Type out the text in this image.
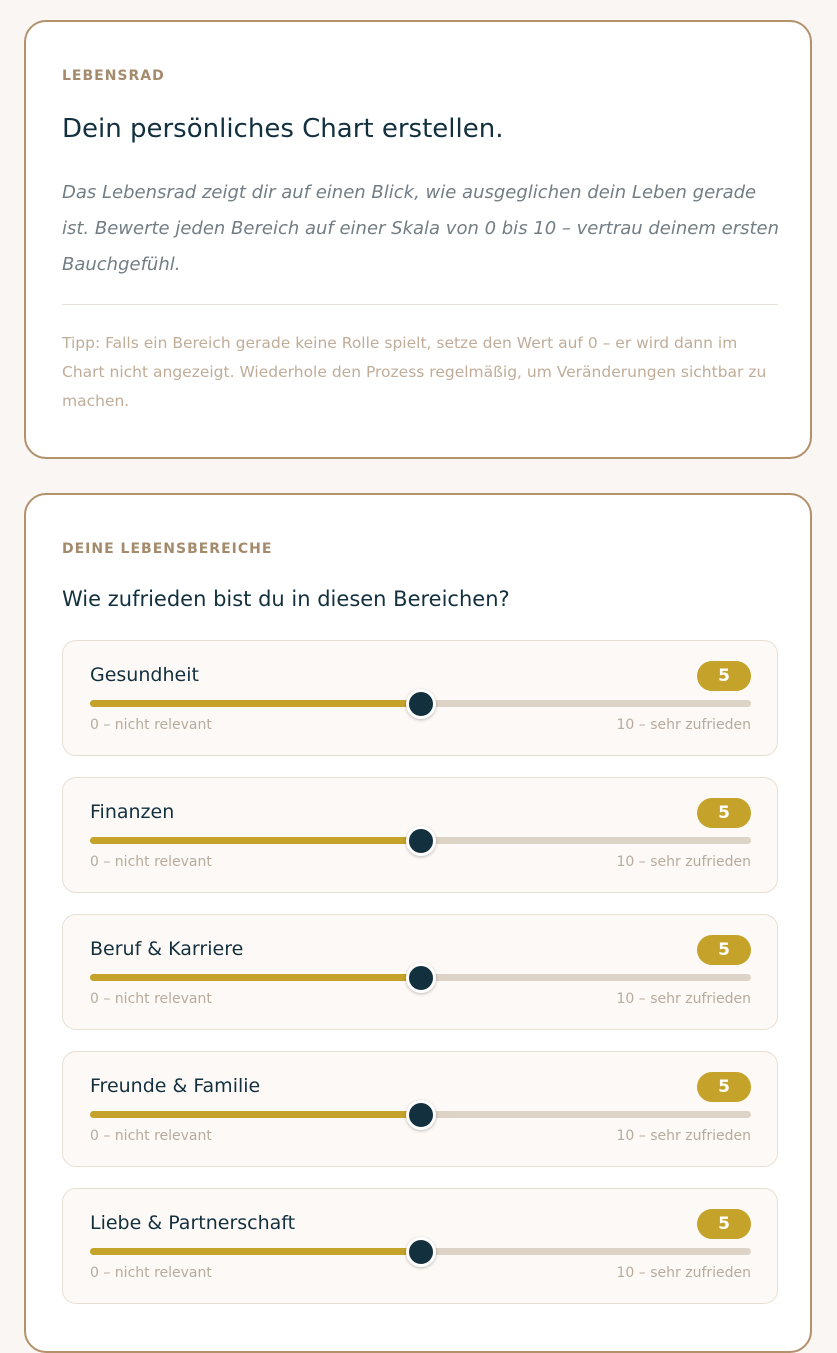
LEBENSRAD
Dein persönliches Chart erstellen.

Das Lebensrad zeigt dir auf einen Blick, wie ausgeglichen dein Leben gerade ist. Bewerte jeden Bereich auf einer Skala von 0 bis 10 – vertrau deinem ersten Bauchgefühl.

Tipp: Falls ein Bereich gerade keine Rolle spielt, setze den Wert auf 0 – er wird dann im Chart nicht angezeigt. Wiederhole den Prozess regelmäßig, um Veränderungen sichtbar zu machen.

DEINE LEBENSBEREICHE
Wie zufrieden bist du in diesen Bereichen?
Gesundheit	5
0 – nicht relevant	10 – sehr zufrieden
Finanzen	5
0 – nicht relevant	10 – sehr zufrieden
Beruf & Karriere	5
0 – nicht relevant	10 – sehr zufrieden
Freunde & Familie	5
0 – nicht relevant	10 – sehr zufrieden
Liebe & Partnerschaft	5
0 – nicht relevant	10 – sehr zufrieden
